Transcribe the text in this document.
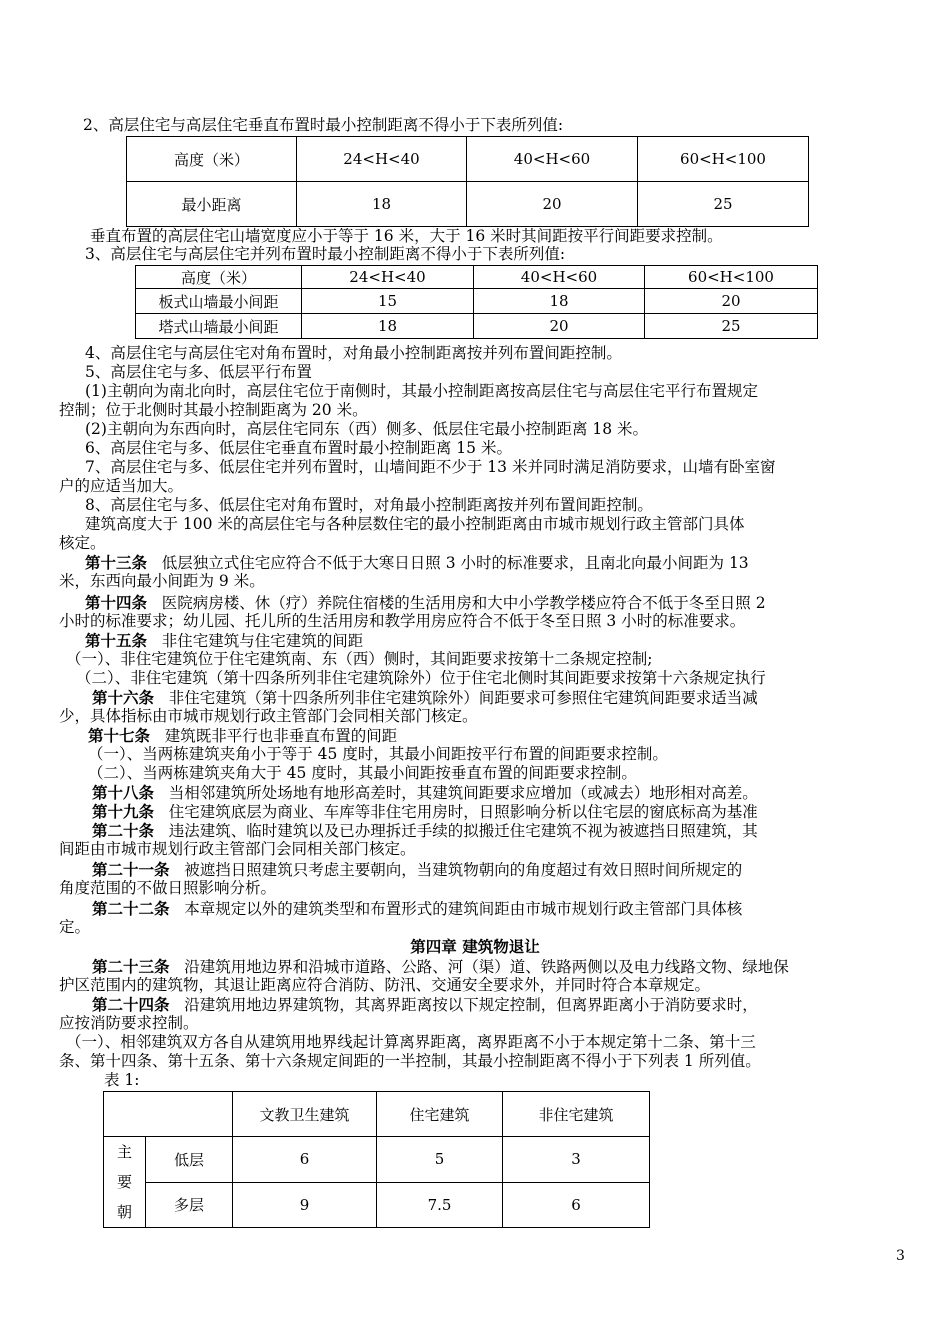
2、高层住宅与高层住宅垂直布置时最小控制距离不得小于下表所列值:
高度（米）	24<H<40	40<H<60	60<H<100
最小距离	18	20	25
垂直布置的高层住宅山墙宽度应小于等于 16 米，大于 16 米时其间距按平行间距要求控制。
3、高层住宅与高层住宅并列布置时最小控制距离不得小于下表所列值:
高度（米）	24<H<40	40<H<60	60<H<100
板式山墙最小间距	15	18	20
塔式山墙最小间距	18	20	25
4、高层住宅与高层住宅对角布置时，对角最小控制距离按并列布置间距控制。
5、高层住宅与多、低层平行布置
(1)主朝向为南北向时，高层住宅位于南侧时，其最小控制距离按高层住宅与高层住宅平行布置规定
控制；位于北侧时其最小控制距离为 20 米。
(2)主朝向为东西向时，高层住宅同东（西）侧多、低层住宅最小控制距离 18 米。
6、高层住宅与多、低层住宅垂直布置时最小控制距离 15 米。
7、高层住宅与多、低层住宅并列布置时，山墙间距不少于 13 米并同时满足消防要求，山墙有卧室窗
户的应适当加大。
8、高层住宅与多、低层住宅对角布置时，对角最小控制距离按并列布置间距控制。
建筑高度大于 100 米的高层住宅与各种层数住宅的最小控制距离由市城市规划行政主管部门具体
核定。
第十三条 低层独立式住宅应符合不低于大寒日日照 3 小时的标准要求，且南北向最小间距为 13
米，东西向最小间距为 9 米。
第十四条 医院病房楼、休（疗）养院住宿楼的生活用房和大中小学教学楼应符合不低于冬至日照 2
小时的标准要求；幼儿园、托儿所的生活用房和教学用房应符合不低于冬至日照 3 小时的标准要求。
第十五条 非住宅建筑与住宅建筑的间距
（一）、非住宅建筑位于住宅建筑南、东（西）侧时，其间距要求按第十二条规定控制;
（二）、非住宅建筑（第十四条所列非住宅建筑除外）位于住宅北侧时其间距要求按第十六条规定执行
第十六条 非住宅建筑（第十四条所列非住宅建筑除外）间距要求可参照住宅建筑间距要求适当减
少，具体指标由市城市规划行政主管部门会同相关部门核定。
第十七条 建筑既非平行也非垂直布置的间距
（一）、当两栋建筑夹角小于等于 45 度时，其最小间距按平行布置的间距要求控制。
（二）、当两栋建筑夹角大于 45 度时，其最小间距按垂直布置的间距要求控制。
第十八条 当相邻建筑所处场地有地形高差时，其建筑间距要求应增加（或减去）地形相对高差。
第十九条 住宅建筑底层为商业、车库等非住宅用房时，日照影响分析以住宅层的窗底标高为基准
第二十条 违法建筑、临时建筑以及已办理拆迁手续的拟搬迁住宅建筑不视为被遮挡日照建筑，其
间距由市城市规划行政主管部门会同相关部门核定。
第二十一条 被遮挡日照建筑只考虑主要朝向，当建筑物朝向的角度超过有效日照时间所规定的
角度范围的不做日照影响分析。
第二十二条 本章规定以外的建筑类型和布置形式的建筑间距由市城市规划行政主管部门具体核
定。
第四章 建筑物退让
第二十三条 沿建筑用地边界和沿城市道路、公路、河（渠）道、铁路两侧以及电力线路文物、绿地保
护区范围内的建筑物，其退让距离应符合消防、防汛、交通安全要求外，并同时符合本章规定。
第二十四条 沿建筑用地边界建筑物，其离界距离按以下规定控制，但离界距离小于消防要求时，
应按消防要求控制。
（一）、相邻建筑双方各自从建筑用地界线起计算离界距离，离界距离不小于本规定第十二条、第十三
条、第十四条、第十五条、第十六条规定间距的一半控制，其最小控制距离不得小于下列表 1 所列值。
表 1:
		文教卫生建筑	住宅建筑	非住宅建筑

主要朝	低层	6	5	3
	多层	9	7.5	6
3
